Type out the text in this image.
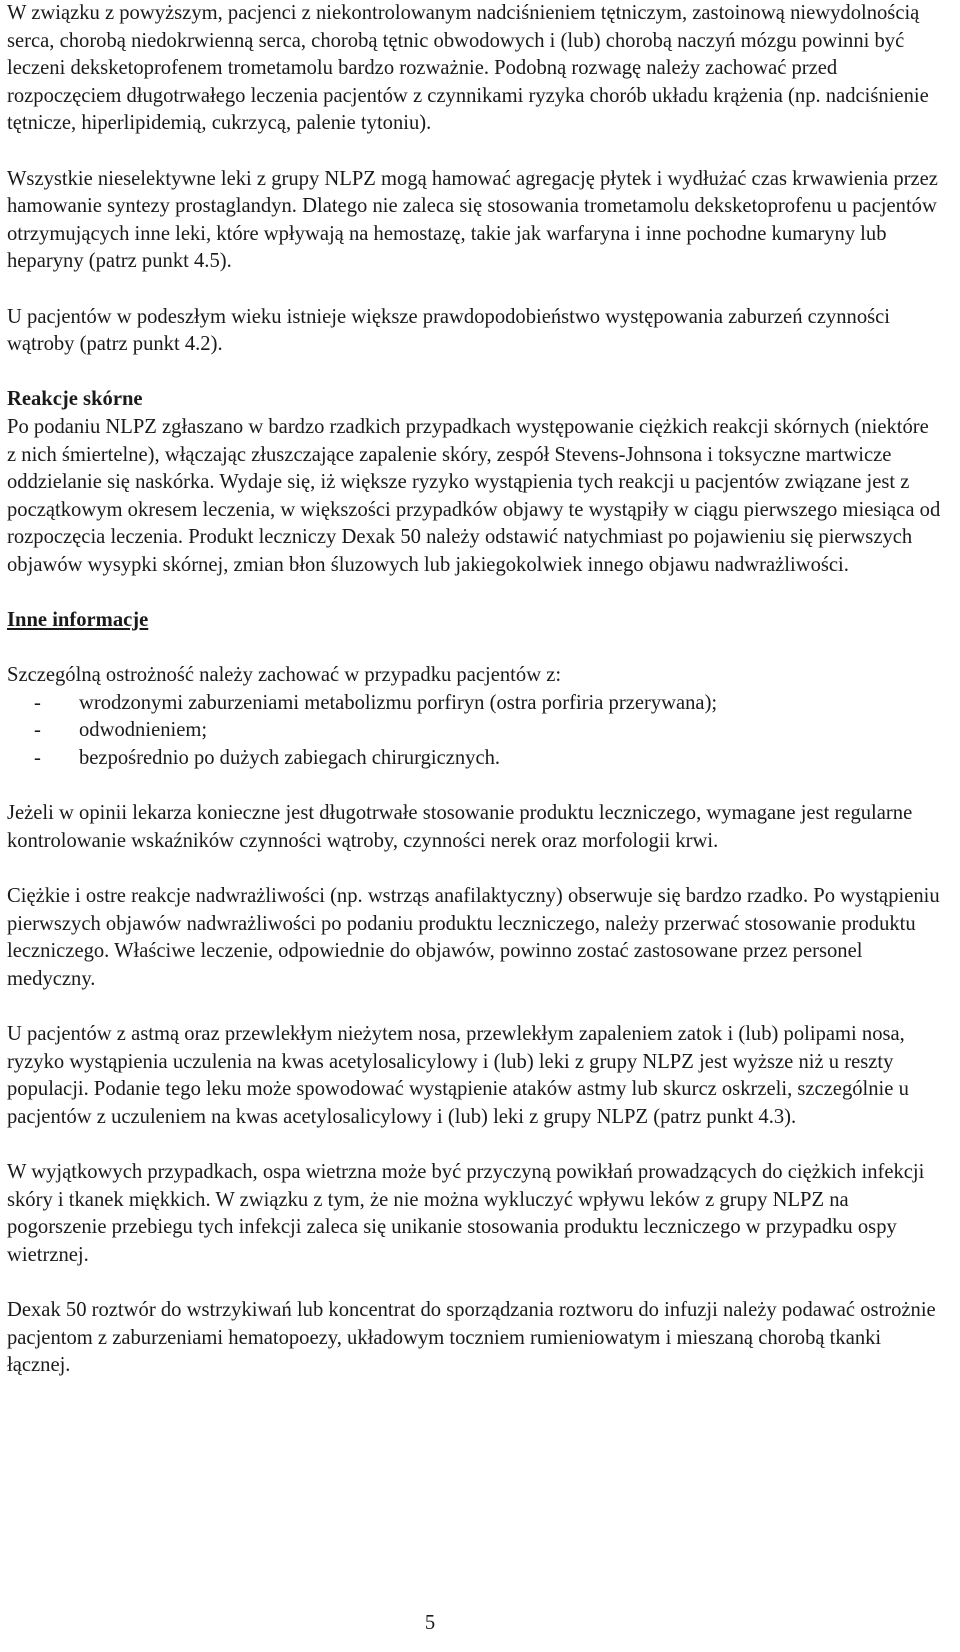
W związku z powyższym, pacjenci z niekontrolowanym nadciśnieniem tętniczym, zastoinową niewydolnością serca, chorobą niedokrwienną serca, chorobą tętnic obwodowych i (lub) chorobą naczyń mózgu powinni być leczeni deksketoprofenem trometamolu bardzo rozważnie. Podobną rozwagę należy zachować przed rozpoczęciem długotrwałego leczenia pacjentów z czynnikami ryzyka chorób układu krążenia (np. nadciśnienie tętnicze, hiperlipidemią, cukrzycą, palenie tytoniu).

Wszystkie nieselektywne leki z grupy NLPZ mogą hamować agregację płytek i wydłużać czas krwawienia przez hamowanie syntezy prostaglandyn. Dlatego nie zaleca się stosowania trometamolu deksketoprofenu u pacjentów otrzymujących inne leki, które wpływają na hemostazę, takie jak warfaryna i inne pochodne kumaryny lub heparyny (patrz punkt 4.5).

U pacjentów w podeszłym wieku istnieje większe prawdopodobieństwo występowania zaburzeń czynności wątroby (patrz punkt 4.2).

Reakcje skórne

Po podaniu NLPZ zgłaszano w bardzo rzadkich przypadkach występowanie ciężkich reakcji skórnych (niektóre z nich śmiertelne), włączając złuszczające zapalenie skóry, zespół Stevens-Johnsona i toksyczne martwicze oddzielanie się naskórka. Wydaje się, iż większe ryzyko wystąpienia tych reakcji u pacjentów związane jest z początkowym okresem leczenia, w większości przypadków objawy te wystąpiły w ciągu pierwszego miesiąca od rozpoczęcia leczenia. Produkt leczniczy Dexak 50 należy odstawić natychmiast po pojawieniu się pierwszych objawów wysypki skórnej, zmian błon śluzowych lub jakiegokolwiek innego objawu nadwrażliwości.

Inne informacje

Szczególną ostrożność należy zachować w przypadku pacjentów z:

- wrodzonymi zaburzeniami metabolizmu porfiryn (ostra porfiria przerywana);
- odwodnieniem;
- bezpośrednio po dużych zabiegach chirurgicznych.

Jeżeli w opinii lekarza konieczne jest długotrwałe stosowanie produktu leczniczego, wymagane jest regularne kontrolowanie wskaźników czynności wątroby, czynności nerek oraz morfologii krwi.

Ciężkie i ostre reakcje nadwrażliwości (np. wstrząs anafilaktyczny) obserwuje się bardzo rzadko. Po wystąpieniu pierwszych objawów nadwrażliwości po podaniu produktu leczniczego, należy przerwać stosowanie produktu leczniczego. Właściwe leczenie, odpowiednie do objawów, powinno zostać zastosowane przez personel medyczny.

U pacjentów z astmą oraz przewlekłym nieżytem nosa, przewlekłym zapaleniem zatok i (lub) polipami nosa, ryzyko wystąpienia uczulenia na kwas acetylosalicylowy i (lub) leki z grupy NLPZ jest wyższe niż u reszty populacji. Podanie tego leku może spowodować wystąpienie ataków astmy lub skurcz oskrzeli, szczególnie u pacjentów z uczuleniem na kwas acetylosalicylowy i (lub) leki z grupy NLPZ (patrz punkt 4.3).

W wyjątkowych przypadkach, ospa wietrzna może być przyczyną powikłań prowadzących do ciężkich infekcji skóry i tkanek miękkich. W związku z tym, że nie można wykluczyć wpływu leków z grupy NLPZ na pogorszenie przebiegu tych infekcji zaleca się unikanie stosowania produktu leczniczego w przypadku ospy wietrznej.

Dexak 50 roztwór do wstrzykiwań lub koncentrat do sporządzania roztworu do infuzji należy podawać ostrożnie pacjentom z zaburzeniami hematopoezy, układowym toczniem rumieniowatym i mieszaną chorobą tkanki łącznej.

5
